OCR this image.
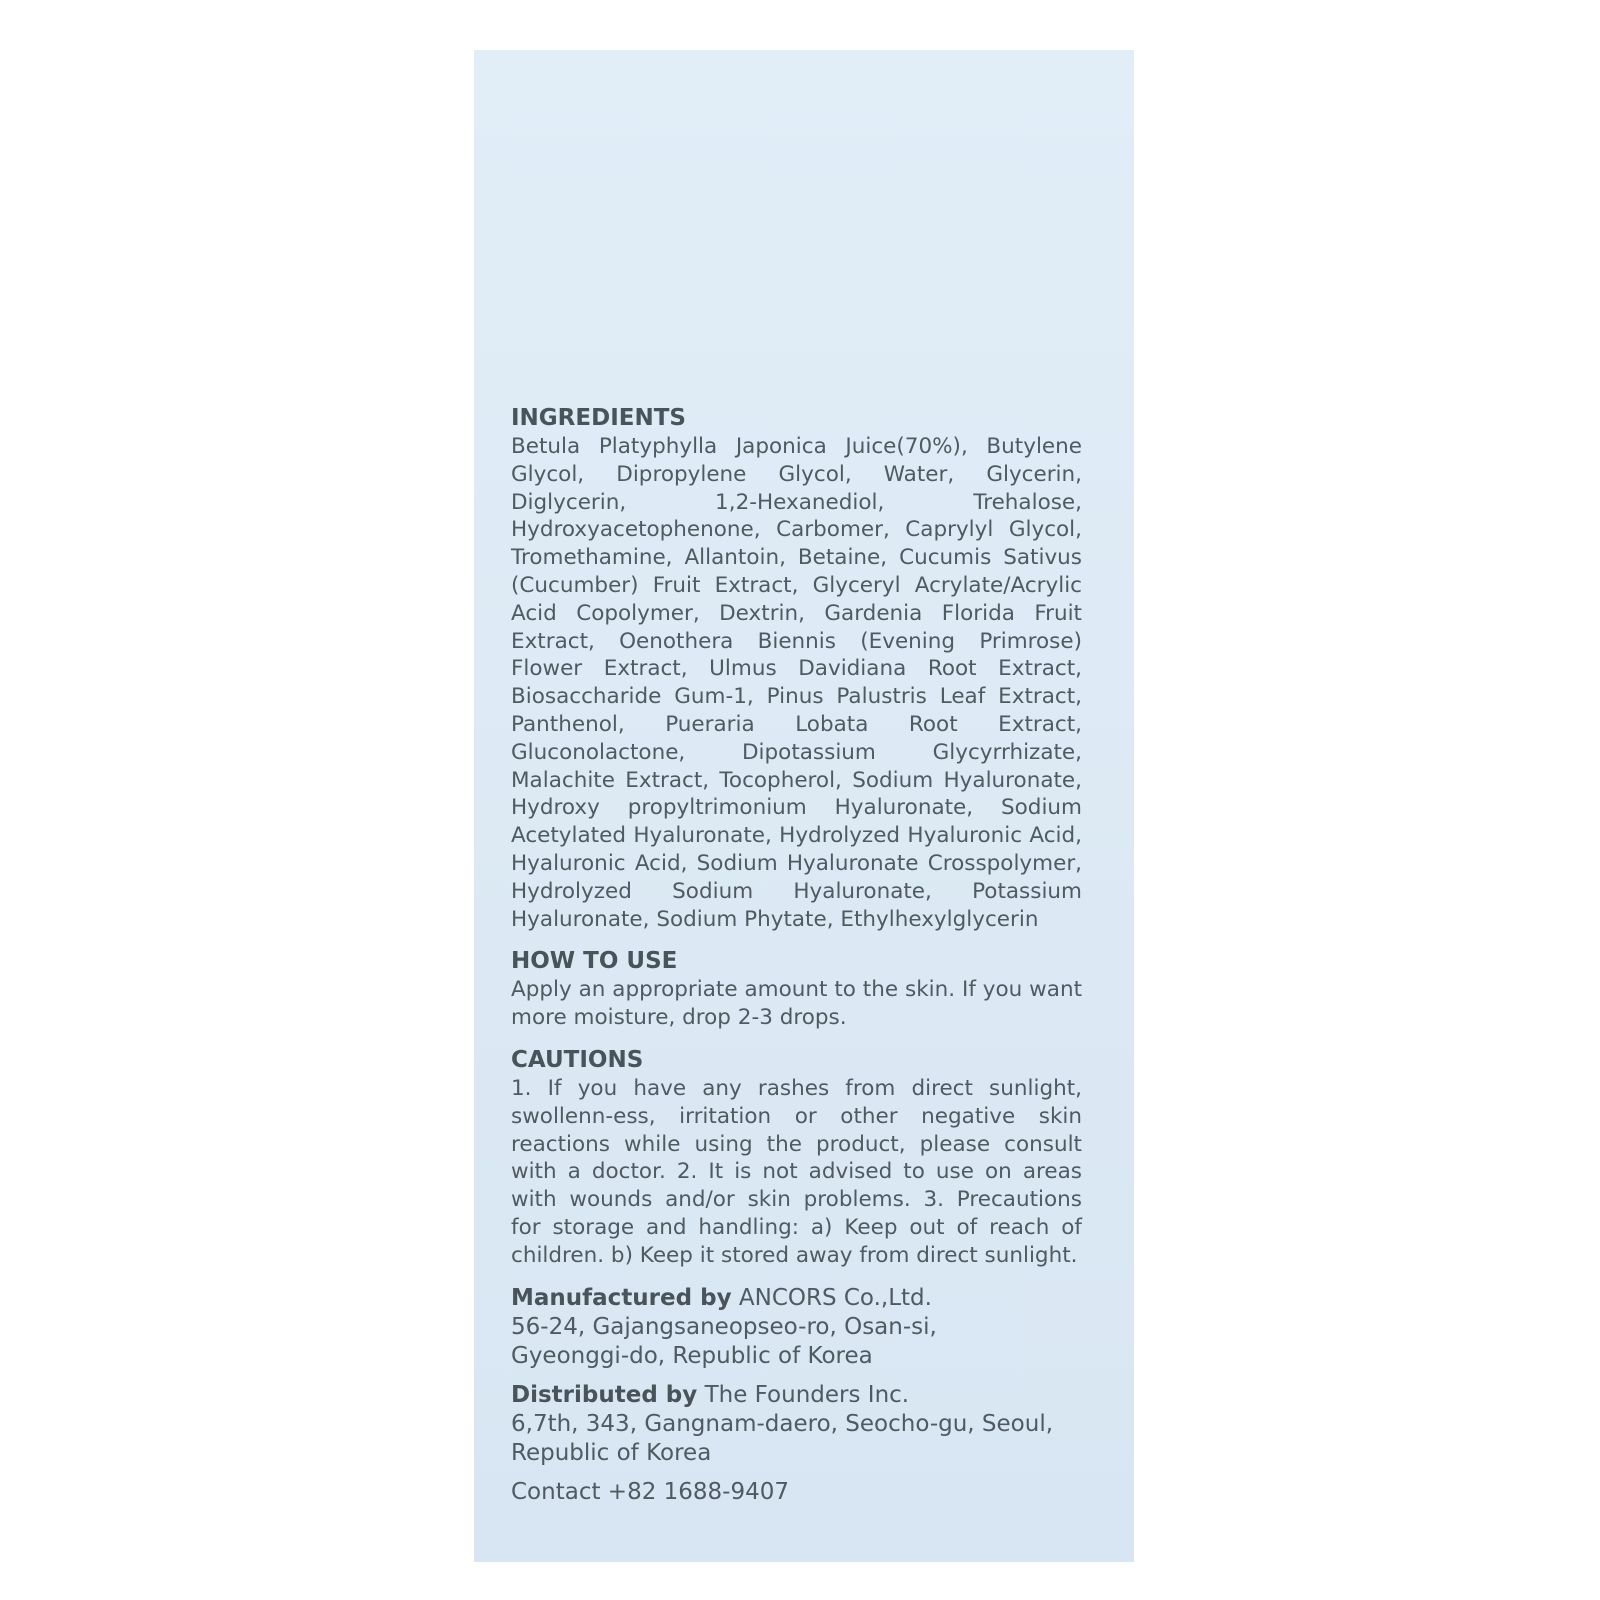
INGREDIENTS

Betula Platyphylla Japonica Juice(70%), Butylene Glycol, Dipropylene Glycol, Water, Glycerin, Diglycerin, 1,2-Hexanediol, Trehalose, Hydroxyacetophenone, Carbomer, Caprylyl Glycol, Tromethamine, Allantoin, Betaine, Cucumis Sativus (Cucumber) Fruit Extract, Glyceryl Acrylate/Acrylic Acid Copolymer, Dextrin, Gardenia Florida Fruit Extract, Oenothera Biennis (Evening Primrose) Flower Extract, Ulmus Davidiana Root Extract, Biosaccharide Gum-1, Pinus Palustris Leaf Extract, Panthenol, Pueraria Lobata Root Extract, Gluconolactone, Dipotassium Glycyrrhizate, Malachite Extract, Tocopherol, Sodium Hyaluronate, Hydroxy propyltrimonium Hyaluronate, Sodium Acetylated Hyaluronate, Hydrolyzed Hyaluronic Acid, Hyaluronic Acid, Sodium Hyaluronate Crosspolymer, Hydrolyzed Sodium Hyaluronate, Potassium Hyaluronate, Sodium Phytate, Ethylhexylglycerin

HOW TO USE

Apply an appropriate amount to the skin. If you want more moisture, drop 2-3 drops.

CAUTIONS

1. If you have any rashes from direct sunlight, swollenn-ess, irritation or other negative skin reactions while using the product, please consult with a doctor. 2. It is not advised to use on areas with wounds and/or skin problems. 3. Precautions for storage and handling: a) Keep out of reach of children. b) Keep it stored away from direct sunlight.

Manufactured by ANCORS Co.,Ltd.
56-24, Gajangsaneopseo-ro, Osan-si,
Gyeonggi-do, Republic of Korea

Distributed by The Founders Inc.
6,7th, 343, Gangnam-daero, Seocho-gu, Seoul,
Republic of Korea

Contact +82 1688-9407
